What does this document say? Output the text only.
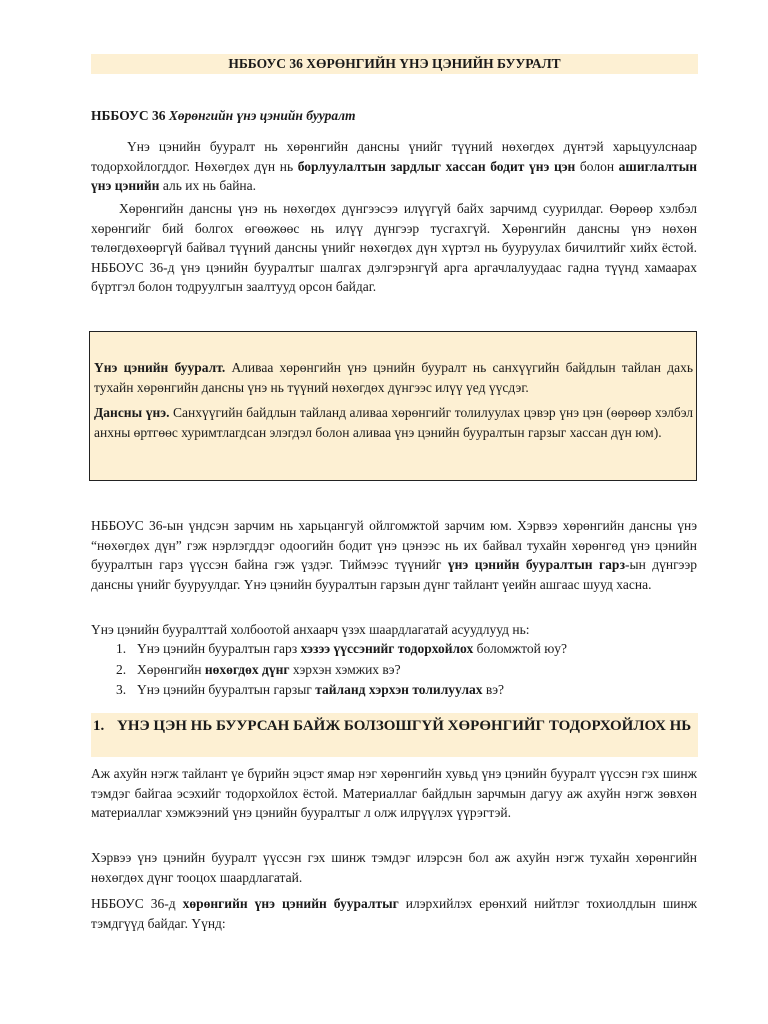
НББОУС 36 ХӨРӨНГИЙН ҮНЭ ЦЭНИЙН БУУРАЛТ
НББОУС 36 Хөрөнгийн үнэ цэнийн бууралт
Үнэ цэнийн бууралт нь хөрөнгийн дансны үнийг түүний нөхөгдөх дүнтэй харьцуулснаар тодорхойлогддог. Нөхөгдөх дүн нь борлуулалтын зардлыг хассан бодит үнэ цэн болон ашиглалтын үнэ цэнийн аль их нь байна.
Хөрөнгийн дансны үнэ нь нөхөгдөх дүнгээсээ илүүгүй байх зарчимд суурилдаг. Өөрөөр хэлбэл хөрөнгийг бий болгох өгөөжөөс нь илүү дүнгээр тусгахгүй. Хөрөнгийн дансны үнэ нөхөн төлөгдөхөөргүй байвал түүний дансны үнийг нөхөгдөх дүн хүртэл нь бууруулах бичилтийг хийх ёстой. НББОУС 36-д үнэ цэнийн бууралтыг шалгах дэлгэрэнгүй арга аргачлалуудаас гадна түүнд хамаарах бүртгэл болон тодруулгын заалтууд орсон байдаг.
Үнэ цэнийн бууралт. Аливаа хөрөнгийн үнэ цэнийн бууралт нь санхүүгийн байдлын тайлан дахь тухайн хөрөнгийн дансны үнэ нь түүний нөхөгдөх дүнгээс илүү үед үүсдэг.
Дансны үнэ. Санхүүгийн байдлын тайланд аливаа хөрөнгийг толилуулах цэвэр үнэ цэн (өөрөөр хэлбэл анхны өртгөөс хуримтлагдсан элэгдэл болон аливаа үнэ цэнийн бууралтын гарзыг хассан дүн юм).
НББОУС 36-ын үндсэн зарчим нь харьцангуй ойлгомжтой зарчим юм. Хэрвээ хөрөнгийн дансны үнэ “нөхөгдөх дүн” гэж нэрлэгддэг одоогийн бодит үнэ цэнээс нь их байвал тухайн хөрөнгөд үнэ цэнийн бууралтын гарз үүссэн байна гэж үздэг. Тиймээс түүнийг үнэ цэнийн бууралтын гарз-ын дүнгээр дансны үнийг бууруулдаг. Үнэ цэнийн бууралтын гарзын дүнг тайлант үеийн ашгаас шууд хасна.
Үнэ цэнийн бууралттай холбоотой анхаарч үзэх шаардлагатай асуудлууд нь:
1. Үнэ цэнийн бууралтын гарз хэзээ үүссэнийг тодорхойлох боломжтой юу?
2. Хөрөнгийн нөхөгдөх дүнг хэрхэн хэмжих вэ?
3. Үнэ цэнийн бууралтын гарзыг тайланд хэрхэн толилуулах вэ?
1. ҮНЭ ЦЭН НЬ БУУРСАН БАЙЖ БОЛЗОШГҮЙ ХӨРӨНГИЙГ ТОДОРХОЙЛОХ НЬ
Аж ахуйн нэгж тайлант үе бүрийн эцэст ямар нэг хөрөнгийн хувьд үнэ цэнийн бууралт үүссэн гэх шинж тэмдэг байгаа эсэхийг тодорхойлох ёстой. Материаллаг байдлын зарчмын дагуу аж ахуйн нэгж зөвхөн материаллаг хэмжээний үнэ цэнийн бууралтыг л олж илрүүлэх үүрэгтэй.
Хэрвээ үнэ цэнийн бууралт үүссэн гэх шинж тэмдэг илэрсэн бол аж ахуйн нэгж тухайн хөрөнгийн нөхөгдөх дүнг тооцох шаардлагатай.
НББОУС 36-д хөрөнгийн үнэ цэнийн бууралтыг илэрхийлэх ерөнхий нийтлэг тохиолдлын шинж тэмдгүүд байдаг. Үүнд:
